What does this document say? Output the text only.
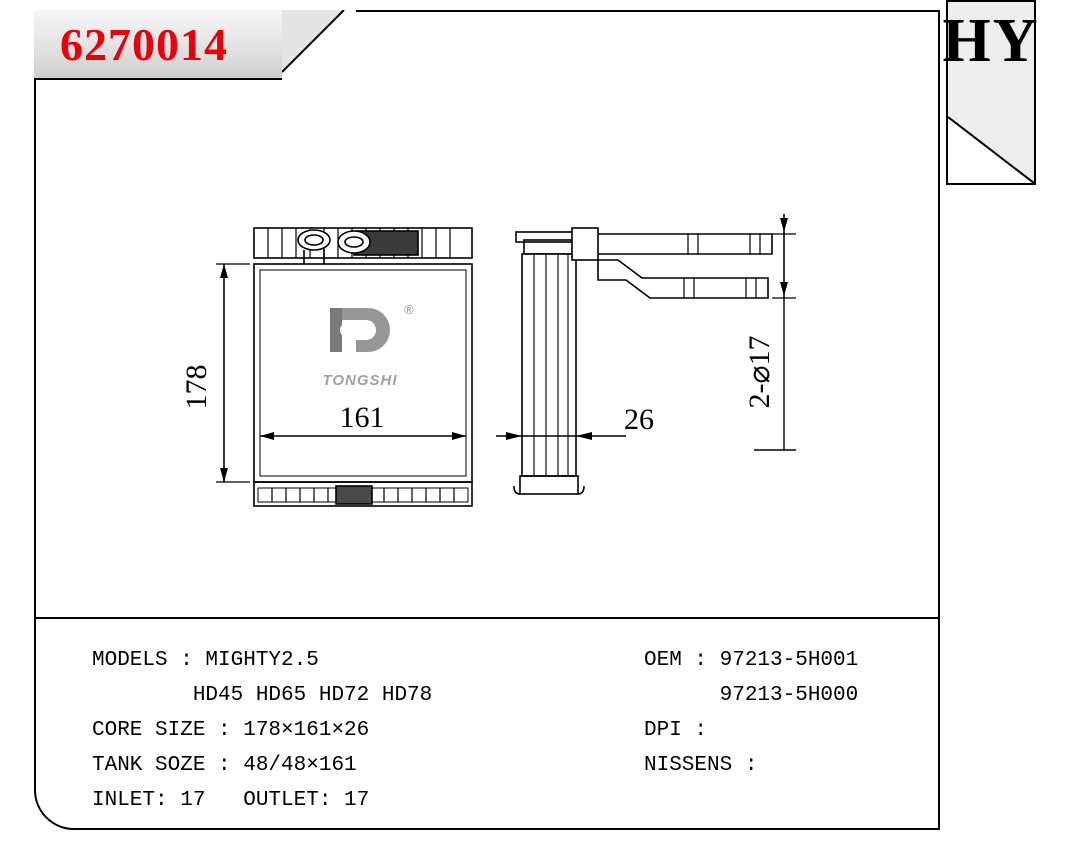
6270014	HY
178
161	26
2-⌀17
TONGSHI
®
MODELS : MIGHTY2.5
HD45 HD65 HD72 HD78
CORE SIZE : 178×161×26
TANK SOZE : 48/48×161
INLET: 17   OUTLET: 17
OEM : 97213-5H001
97213-5H000
DPI :
NISSENS :
